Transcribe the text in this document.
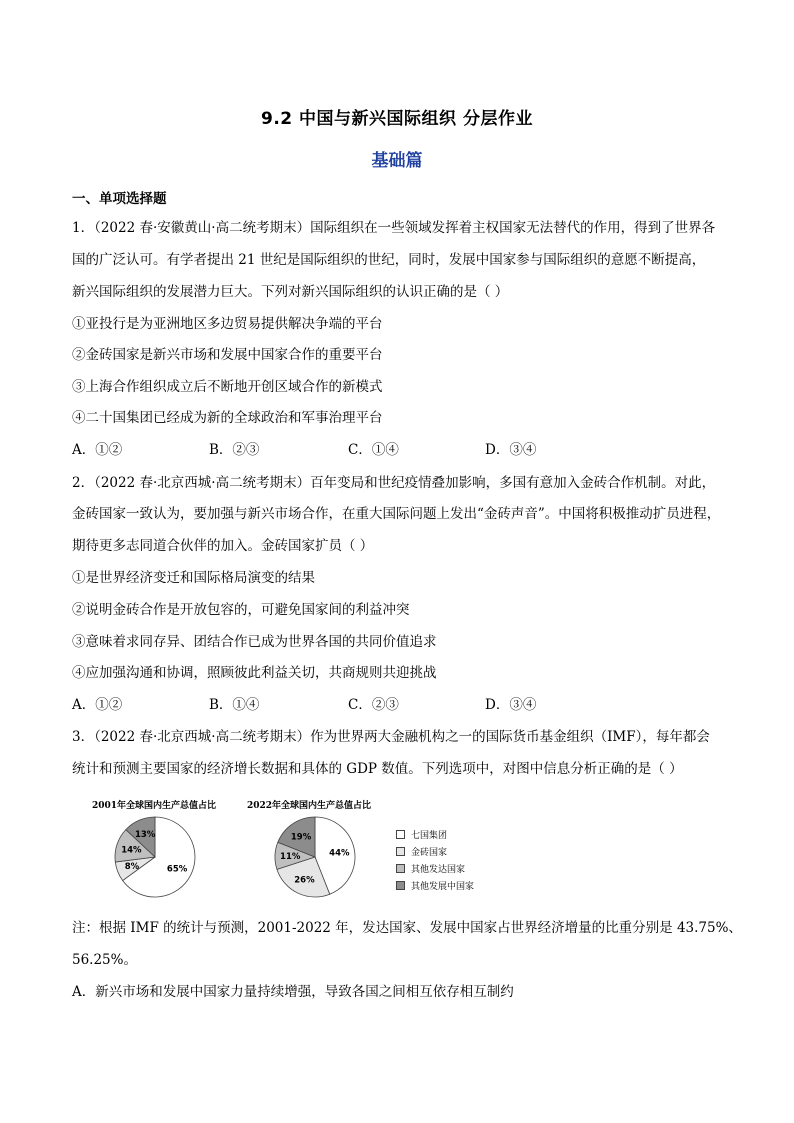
9.2 中国与新兴国际组织 分层作业
基础篇
一、单项选择题
1．（2022 春·安徽黄山·高二统考期末）国际组织在一些领域发挥着主权国家无法替代的作用，得到了世界各
国的广泛认可。有学者提出 21 世纪是国际组织的世纪，同时，发展中国家参与国际组织的意愿不断提高，
新兴国际组织的发展潜力巨大。下列对新兴国际组织的认识正确的是（ ）
①亚投行是为亚洲地区多边贸易提供解决争端的平台
②金砖国家是新兴市场和发展中国家合作的重要平台
③上海合作组织成立后不断地开创区域合作的新模式
④二十国集团已经成为新的全球政治和军事治理平台
A．①②	B．②③	C．①④	D．③④
2．（2022 春·北京西城·高二统考期末）百年变局和世纪疫情叠加影响，多国有意加入金砖合作机制。对此，
金砖国家一致认为，要加强与新兴市场合作，在重大国际问题上发出“金砖声音”。中国将积极推动扩员进程，
期待更多志同道合伙伴的加入。金砖国家扩员（ ）
①是世界经济变迁和国际格局演变的结果
②说明金砖合作是开放包容的，可避免国家间的利益冲突
③意味着求同存异、团结合作已成为世界各国的共同价值追求
④应加强沟通和协调，照顾彼此利益关切，共商规则共迎挑战
A．①②	B．①④	C．②③	D．③④
3．（2022 春·北京西城·高二统考期末）作为世界两大金融机构之一的国际货币基金组织（IMF），每年都会
统计和预测主要国家的经济增长数据和具体的 GDP 数值。下列选项中，对图中信息分析正确的是（ ）
2001年全球国内生产总值占比	2022年全球国内生产总值占比
65%
8%
14%
13%
44%
26%
11%
19%	七国集团
金砖国家
其他发达国家
其他发展中国家
注：根据 IMF 的统计与预测，2001-2022 年，发达国家、发展中国家占世界经济增量的比重分别是 43.75%、
56.25%。
A．新兴市场和发展中国家力量持续增强，导致各国之间相互依存相互制约
